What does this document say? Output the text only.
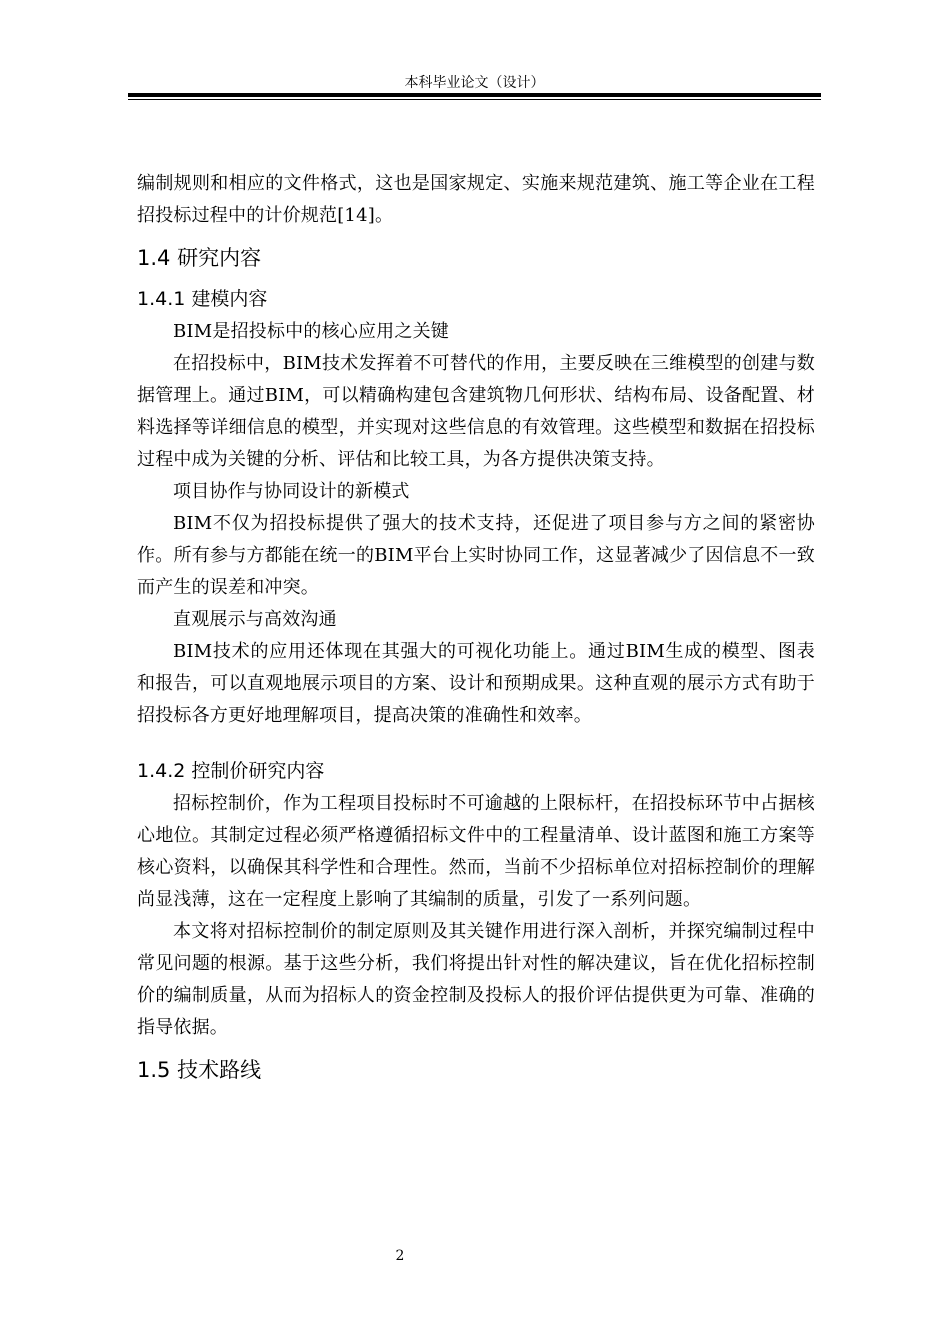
本科毕业论文（设计）

编制规则和相应的文件格式，这也是国家规定、实施来规范建筑、施工等企业在工程招投标过程中的计价规范[14]。

1.4 研究内容
1.4.1 建模内容

BIM是招投标中的核心应用之关键

在招投标中，BIM技术发挥着不可替代的作用，主要反映在三维模型的创建与数据管理上。通过BIM，可以精确构建包含建筑物几何形状、结构布局、设备配置、材料选择等详细信息的模型，并实现对这些信息的有效管理。这些模型和数据在招投标过程中成为关键的分析、评估和比较工具，为各方提供决策支持。

项目协作与协同设计的新模式

BIM不仅为招投标提供了强大的技术支持，还促进了项目参与方之间的紧密协作。所有参与方都能在统一的BIM平台上实时协同工作，这显著减少了因信息不一致而产生的误差和冲突。

直观展示与高效沟通

BIM技术的应用还体现在其强大的可视化功能上。通过BIM生成的模型、图表和报告，可以直观地展示项目的方案、设计和预期成果。这种直观的展示方式有助于招投标各方更好地理解项目，提高决策的准确性和效率。

1.4.2 控制价研究内容

招标控制价，作为工程项目投标时不可逾越的上限标杆，在招投标环节中占据核心地位。其制定过程必须严格遵循招标文件中的工程量清单、设计蓝图和施工方案等核心资料，以确保其科学性和合理性。然而，当前不少招标单位对招标控制价的理解尚显浅薄，这在一定程度上影响了其编制的质量，引发了一系列问题。

本文将对招标控制价的制定原则及其关键作用进行深入剖析，并探究编制过程中常见问题的根源。基于这些分析，我们将提出针对性的解决建议，旨在优化招标控制价的编制质量，从而为招标人的资金控制及投标人的报价评估提供更为可靠、准确的指导依据。

1.5 技术路线
2
